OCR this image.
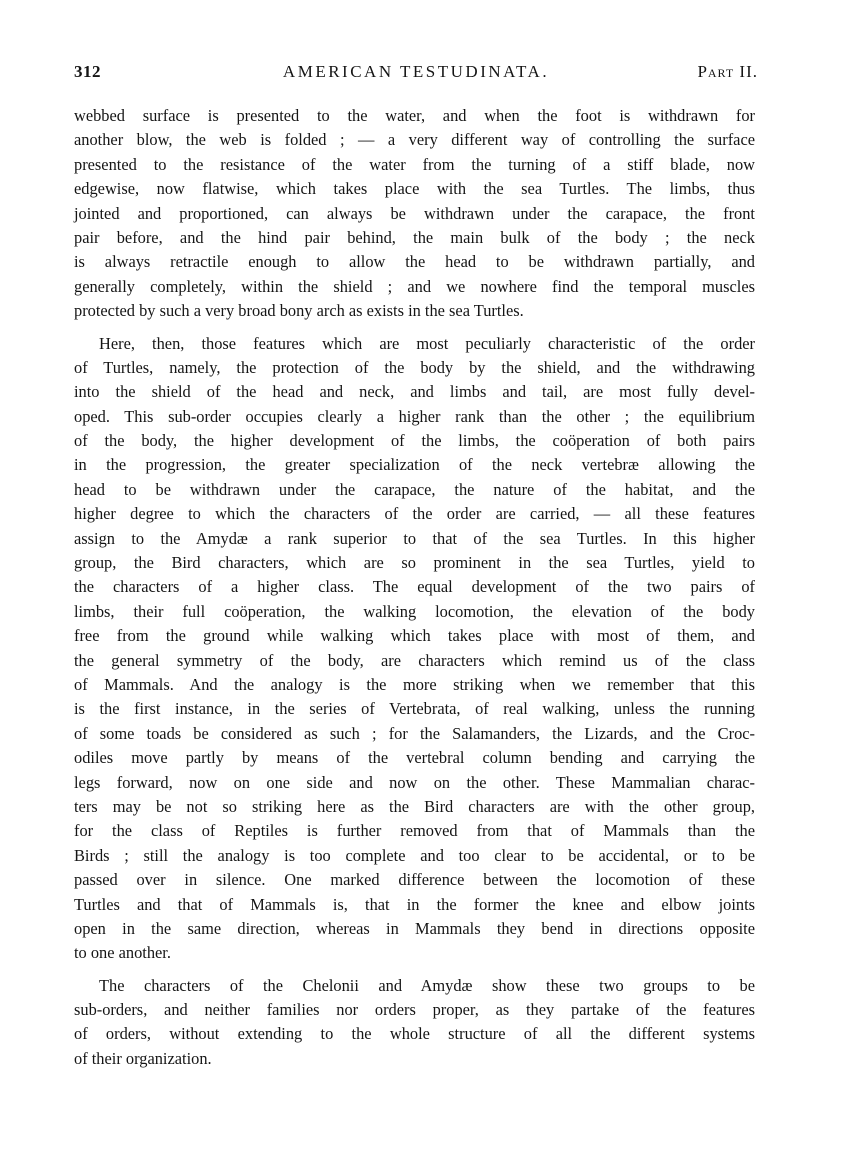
312	AMERICAN TESTUDINATA.	Part II.
webbed surface is presented to the water, and when the foot is withdrawn for
another blow, the web is folded ; — a very different way of controlling the surface
presented to the resistance of the water from the turning of a stiff blade, now
edgewise, now flatwise, which takes place with the sea Turtles. The limbs, thus
jointed and proportioned, can always be withdrawn under the carapace, the front
pair before, and the hind pair behind, the main bulk of the body ; the neck
is always retractile enough to allow the head to be withdrawn partially, and
generally completely, within the shield ; and we nowhere find the temporal muscles
protected by such a very broad bony arch as exists in the sea Turtles.
Here, then, those features which are most peculiarly characteristic of the order
of Turtles, namely, the protection of the body by the shield, and the withdrawing
into the shield of the head and neck, and limbs and tail, are most fully devel-
oped. This sub-order occupies clearly a higher rank than the other ; the equilibrium
of the body, the higher development of the limbs, the coöperation of both pairs
in the progression, the greater specialization of the neck vertebræ allowing the
head to be withdrawn under the carapace, the nature of the habitat, and the
higher degree to which the characters of the order are carried, — all these features
assign to the Amydæ a rank superior to that of the sea Turtles. In this higher
group, the Bird characters, which are so prominent in the sea Turtles, yield to
the characters of a higher class. The equal development of the two pairs of
limbs, their full coöperation, the walking locomotion, the elevation of the body
free from the ground while walking which takes place with most of them, and
the general symmetry of the body, are characters which remind us of the class
of Mammals. And the analogy is the more striking when we remember that this
is the first instance, in the series of Vertebrata, of real walking, unless the running
of some toads be considered as such ; for the Salamanders, the Lizards, and the Croc-
odiles move partly by means of the vertebral column bending and carrying the
legs forward, now on one side and now on the other. These Mammalian charac-
ters may be not so striking here as the Bird characters are with the other group,
for the class of Reptiles is further removed from that of Mammals than the
Birds ; still the analogy is too complete and too clear to be accidental, or to be
passed over in silence. One marked difference between the locomotion of these
Turtles and that of Mammals is, that in the former the knee and elbow joints
open in the same direction, whereas in Mammals they bend in directions opposite
to one another.
The characters of the Chelonii and Amydæ show these two groups to be
sub-orders, and neither families nor orders proper, as they partake of the features
of orders, without extending to the whole structure of all the different systems
of their organization.
